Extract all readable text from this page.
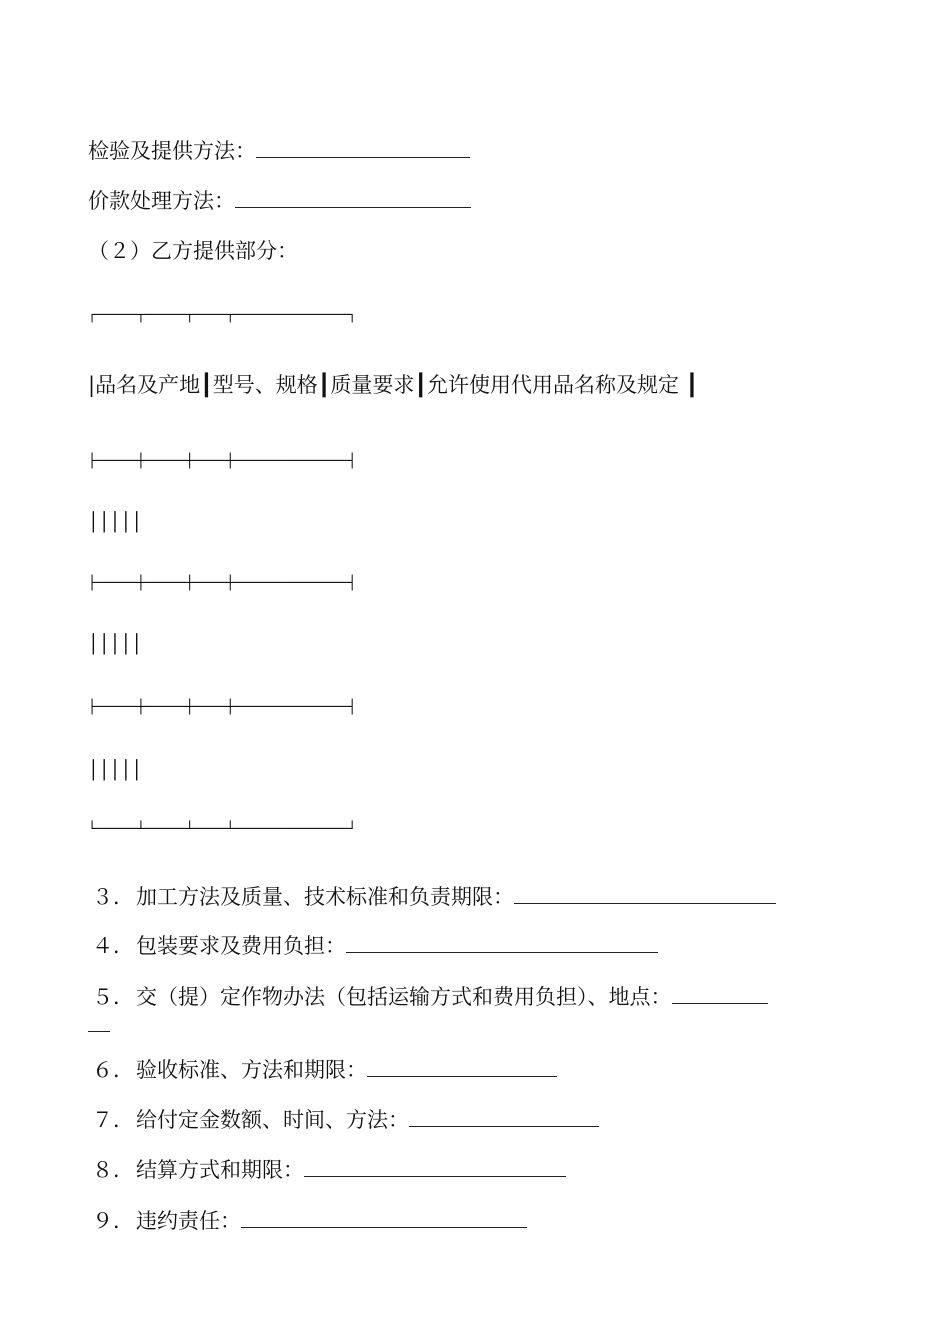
检验及提供方法：
价款处理方法：
（２）乙方提供部分：
┌─────┬─────┬────┬──────────────┐
|品名及产地┃型号、规格┃质量要求┃允许使用代用品名称及规定 ┃
├─────┼─────┼────┼──────────────┤
│││││
├─────┼─────┼────┼──────────────┤
│││││
├─────┼─────┼────┼──────────────┤
│││││
└─────┴─────┴────┴──────────────┘
３．加工方法及质量、技术标准和负责期限：
４．包装要求及费用负担：
５．交（提）定作物办法（包括运输方式和费用负担）、地点：
６．验收标准、方法和期限：
７．给付定金数额、时间、方法：
８．结算方式和期限：
９．违约责任：
